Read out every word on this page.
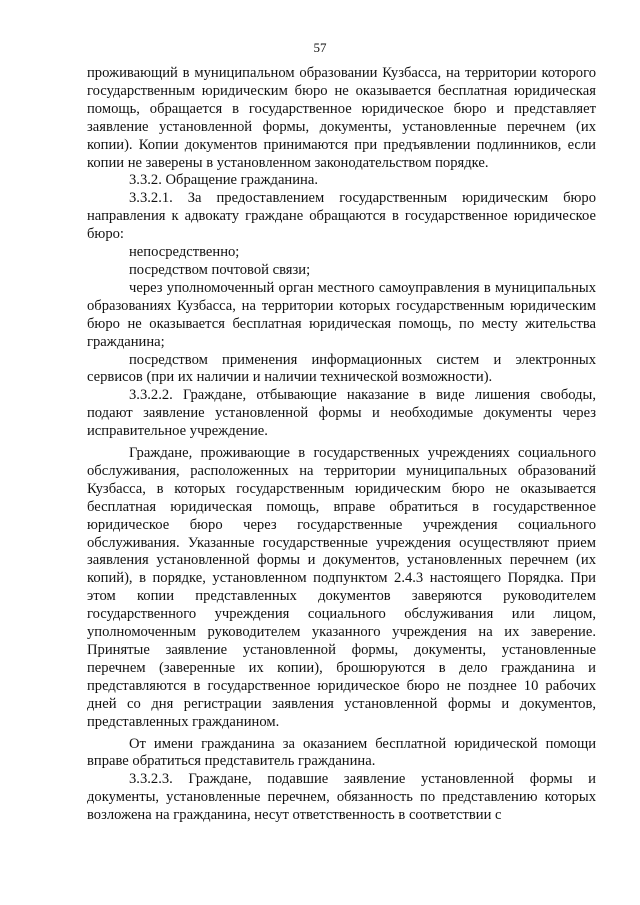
57

проживающий в муниципальном образовании Кузбасса, на территории которого государственным юридическим бюро не оказывается бесплатная юридическая помощь, обращается в государственное юридическое бюро и представляет заявление установленной формы, документы, установленные перечнем (их копии). Копии документов принимаются при предъявлении подлинников, если копии не заверены в установленном законодательством порядке.

3.3.2. Обращение гражданина.

3.3.2.1. За предоставлением государственным юридическим бюро направления к адвокату граждане обращаются в государственное юридическое бюро:

непосредственно;

посредством почтовой связи;

через уполномоченный орган местного самоуправления в муниципальных образованиях Кузбасса, на территории которых государственным юридическим бюро не оказывается бесплатная юридическая помощь, по месту жительства гражданина;

посредством применения информационных систем и электронных сервисов (при их наличии и наличии технической возможности).

3.3.2.2. Граждане, отбывающие наказание в виде лишения свободы, подают заявление установленной формы и необходимые документы через исправительное учреждение.

Граждане, проживающие в государственных учреждениях социального обслуживания, расположенных на территории муниципальных образований Кузбасса, в которых государственным юридическим бюро не оказывается бесплатная юридическая помощь, вправе обратиться в государственное юридическое бюро через государственные учреждения социального обслуживания. Указанные государственные учреждения осуществляют прием заявления установленной формы и документов, установленных перечнем (их копий), в порядке, установленном подпунктом 2.4.3 настоящего Порядка. При этом копии представленных документов заверяются руководителем государственного учреждения социального обслуживания или лицом, уполномоченным руководителем указанного учреждения на их заверение. Принятые заявление установленной формы, документы, установленные перечнем (заверенные их копии), брошюруются в дело гражданина и представляются в государственное юридическое бюро не позднее 10 рабочих дней со дня регистрации заявления установленной формы и документов, представленных гражданином.

От имени гражданина за оказанием бесплатной юридической помощи вправе обратиться представитель гражданина.

3.3.2.3. Граждане, подавшие заявление установленной формы и документы, установленные перечнем, обязанность по представлению которых возложена на гражданина, несут ответственность в соответствии с
